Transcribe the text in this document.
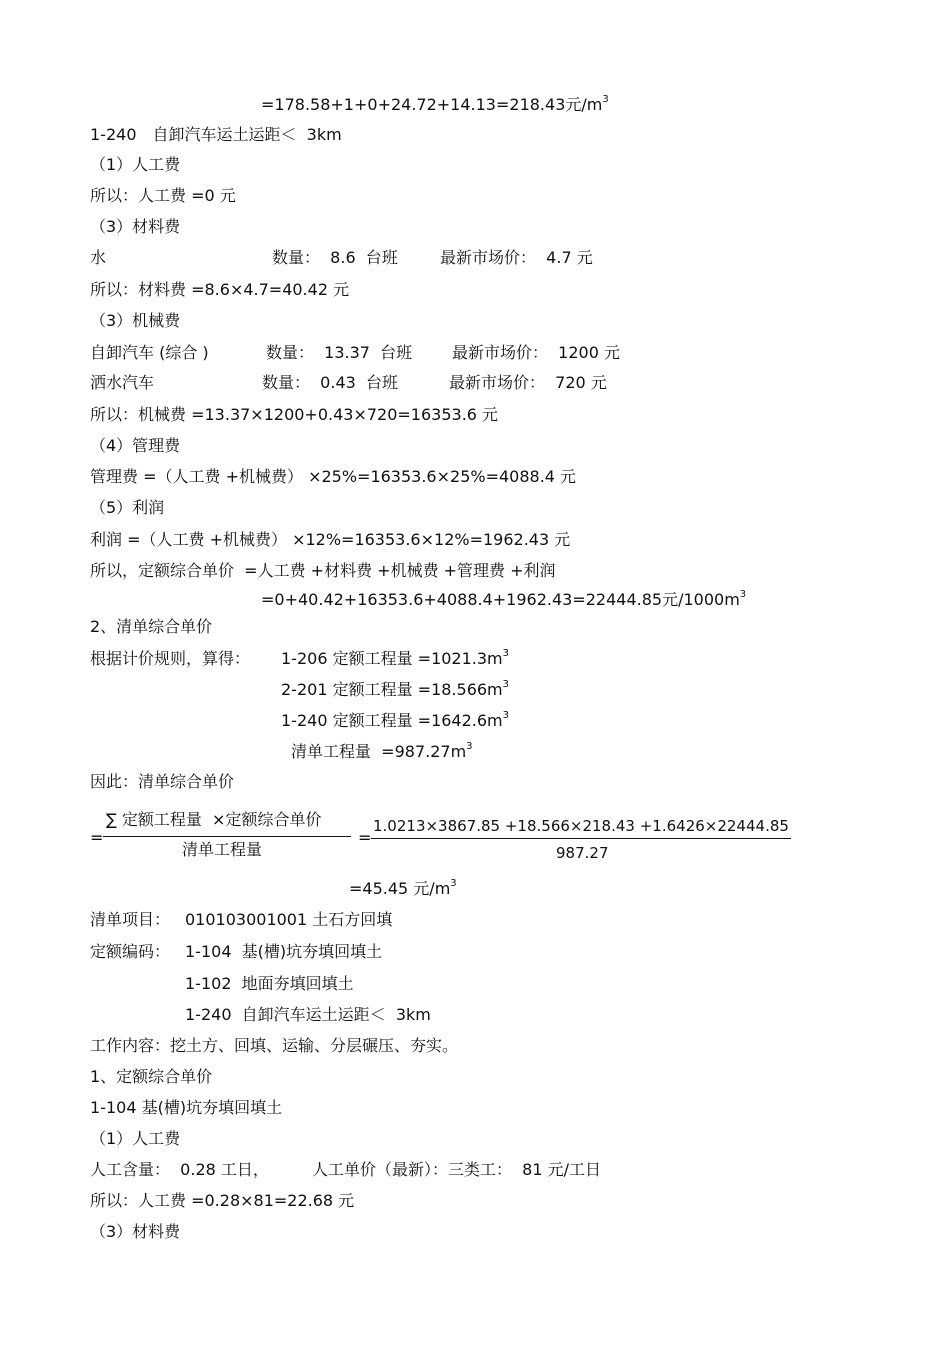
=178.58+1+0+24.72+14.13=218.43元$/m^3$
1-240　自卸汽车运土运距＜  3km
（1）人工费
所以：人工费 =0 元
（3）材料费
水	数量：  8.6  台班	最新市场价：  4.7 元
所以：材料费 =8.6×4.7=40.42 元
（3）机械费
自卸汽车 (综合 )	数量：  13.37  台班 最新市场价：  1200 元
洒水汽车	数量：  0.43  台班	最新市场价：  720 元
所以：机械费 =13.37×1200+0.43×720=16353.6 元
（4）管理费
管理费 =（人工费 +机械费） ×25%=16353.6×25%=4088.4 元
（5）利润
利润 =（人工费 +机械费） ×12%=16353.6×12%=1962.43 元
所以，定额综合单价  =人工费 +材料费 +机械费 +管理费 +利润
=0+40.42+16353.6+4088.4+1962.43=22444.85元$/1000m^3$
2、清单综合单价
根据计价规则，算得： 1-206 定额工程量 $=1021.3m^3$
2-201 定额工程量 $=18.566m^3$
1-240 定额工程量 $=1642.6m^3$
清单工程量  $=987.27m^3$
因此：清单综合单价
=
∑ 定额工程量  ×定额综合单价
清单工程量
=
1.0213×3867.85 +18.566×218.43 +1.6426×22444.85
987.27
=45.45 元$/m^3$
清单项目： 010103001001 土石方回填
定额编码： 1-104  基(槽)坑夯填回填土
1-102  地面夯填回填土
1-240  自卸汽车运土运距＜  3km
工作内容：挖土方、回填、运输、分层碾压、夯实。
1、定额综合单价
1-104 基(槽)坑夯填回填土
（1）人工费
人工含量：  0.28 工日，	人工单价（最新）：三类工：  81 元/工日
所以：人工费 =0.28×81=22.68 元
（3）材料费
